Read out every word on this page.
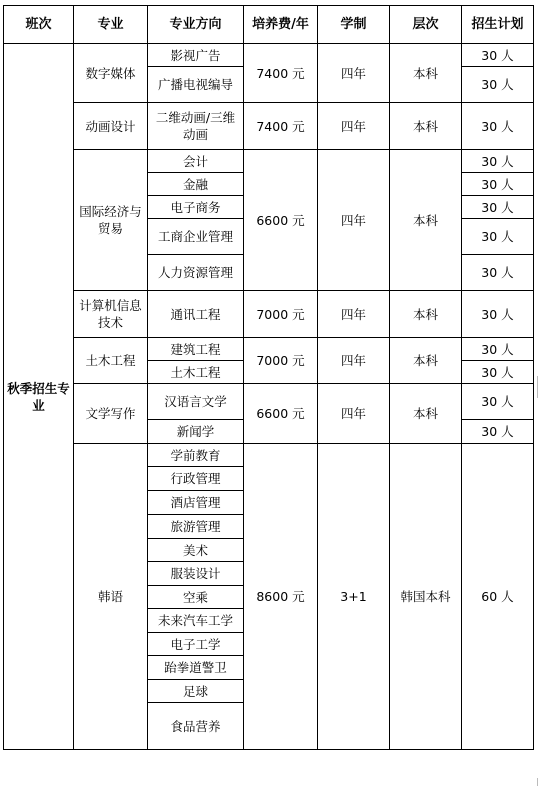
班次	专业	专业方向	培养费/年	学制	层次	招生计划
秋季招生专业	数字媒体	影视广告	7400 元	四年	本科	30 人
		广播电视编导				30 人
	动画设计	二维动画/三维动画	7400 元	四年	本科	30 人
	国际经济与贸易	会计	6600 元	四年	本科	30 人
		金融				30 人
		电子商务				30 人
		工商企业管理				30 人
		人力资源管理				30 人
	计算机信息技术	通讯工程	7000 元	四年	本科	30 人
	土木工程	建筑工程	7000 元	四年	本科	30 人
		土木工程				30 人
	文学写作	汉语言文学	6600 元	四年	本科	30 人
		新闻学				30 人
	韩语	学前教育	8600 元	3+1	韩国本科	60 人
		行政管理				
		酒店管理				
		旅游管理				
		美术				
		服装设计				
		空乘				
		未来汽车工学				
		电子工学				
		跆拳道警卫				
		足球				
		食品营养				
